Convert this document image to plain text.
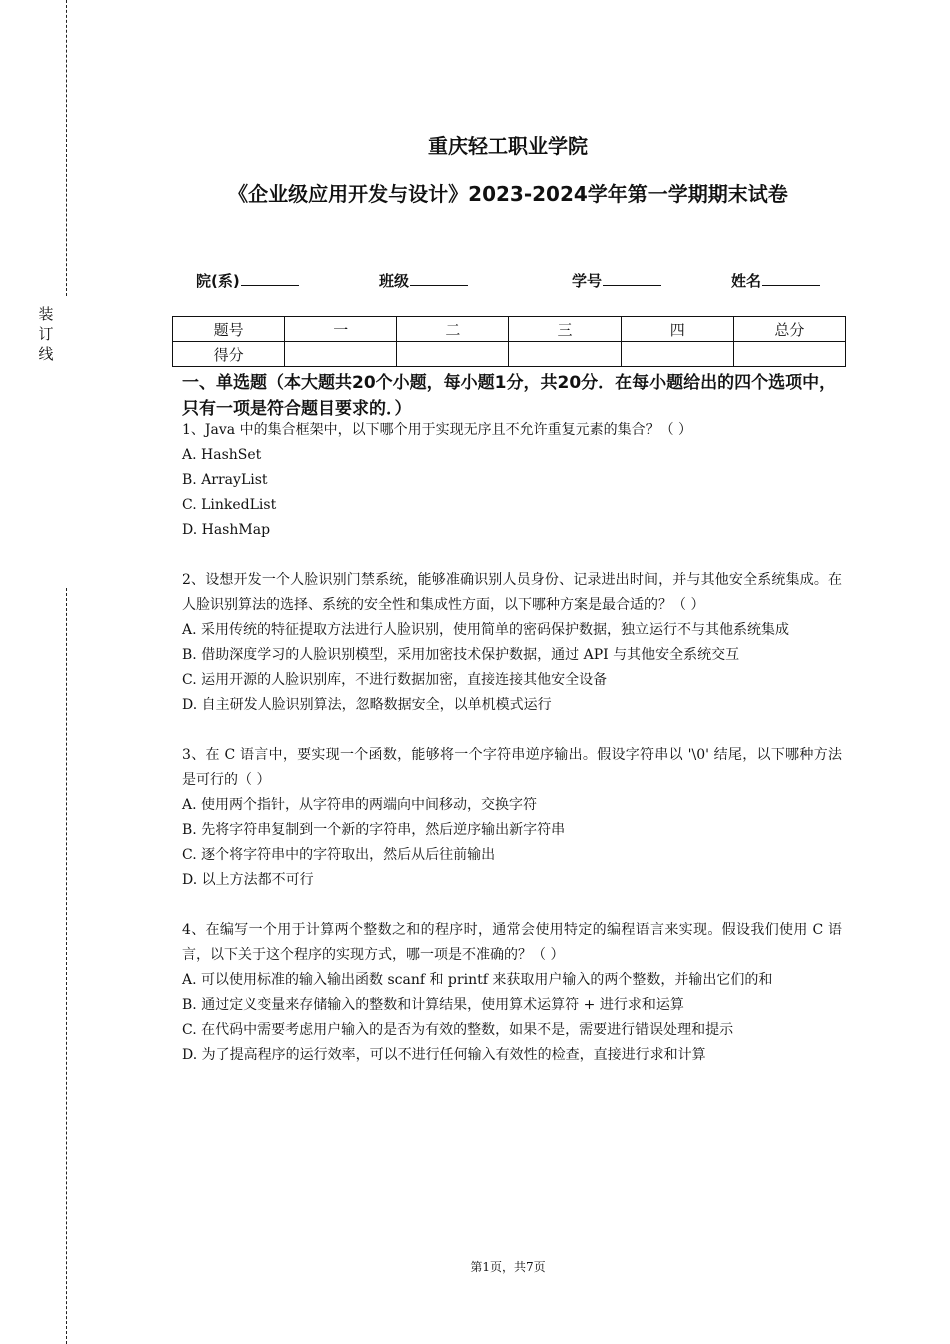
装
订
线
重庆轻工职业学院
《企业级应用开发与设计》2023-2024学年第一学期期末试卷
院(系)	班级	学号	姓名
题号	一	二	三	四	总分
得分					
一、单选题（本大题共20个小题，每小题1分，共20分．在每小题给出的四个选项中，只有一项是符合题目要求的．）

1、Java 中的集合框架中，以下哪个用于实现无序且不允许重复元素的集合？（ ）

A. HashSet

B. ArrayList

C. LinkedList

D. HashMap

2、设想开发一个人脸识别门禁系统，能够准确识别人员身份、记录进出时间，并与其他安全系统集成。在人脸识别算法的选择、系统的安全性和集成性方面，以下哪种方案是最合适的？（ ）

A. 采用传统的特征提取方法进行人脸识别，使用简单的密码保护数据，独立运行不与其他系统集成

B. 借助深度学习的人脸识别模型，采用加密技术保护数据，通过 API 与其他安全系统交互

C. 运用开源的人脸识别库，不进行数据加密，直接连接其他安全设备

D. 自主研发人脸识别算法，忽略数据安全，以单机模式运行

3、在 C 语言中，要实现一个函数，能够将一个字符串逆序输出。假设字符串以 '\0' 结尾，以下哪种方法是可行的（ ）

A. 使用两个指针，从字符串的两端向中间移动，交换字符

B. 先将字符串复制到一个新的字符串，然后逆序输出新字符串

C. 逐个将字符串中的字符取出，然后从后往前输出

D. 以上方法都不可行

4、在编写一个用于计算两个整数之和的程序时，通常会使用特定的编程语言来实现。假设我们使用 C 语言，以下关于这个程序的实现方式，哪一项是不准确的？（ ）

A. 可以使用标准的输入输出函数 scanf 和 printf 来获取用户输入的两个整数，并输出它们的和

B. 通过定义变量来存储输入的整数和计算结果，使用算术运算符 + 进行求和运算

C. 在代码中需要考虑用户输入的是否为有效的整数，如果不是，需要进行错误处理和提示

D. 为了提高程序的运行效率，可以不进行任何输入有效性的检查，直接进行求和计算

第1页，共7页
